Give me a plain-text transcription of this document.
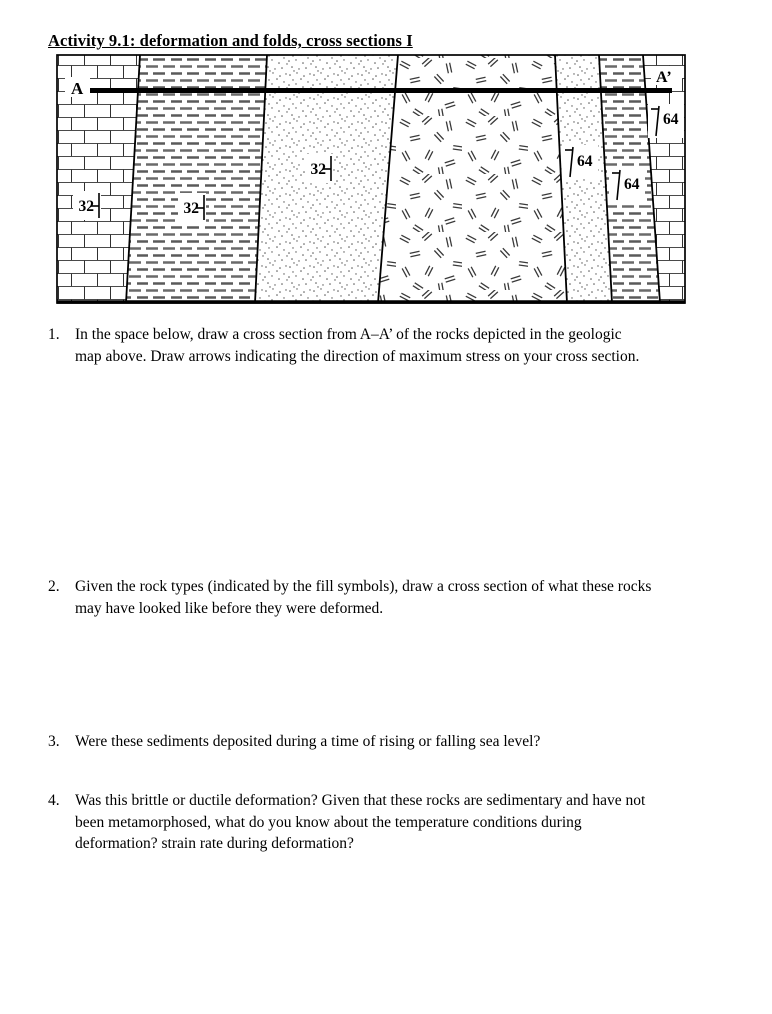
Activity 9.1: deformation and folds, cross sections I
A
A’
32	32
32	64
64
64
1. In the space below, draw a cross section from A–A’ of the rocks depicted in the geologic
map above. Draw arrows indicating the direction of maximum stress on your cross section.
2. Given the rock types (indicated by the fill symbols), draw a cross section of what these rocks
may have looked like before they were deformed.
3. Were these sediments deposited during a time of rising or falling sea level?
4. Was this brittle or ductile deformation? Given that these rocks are sedimentary and have not
been metamorphosed, what do you know about the temperature conditions during
deformation? strain rate during deformation?
